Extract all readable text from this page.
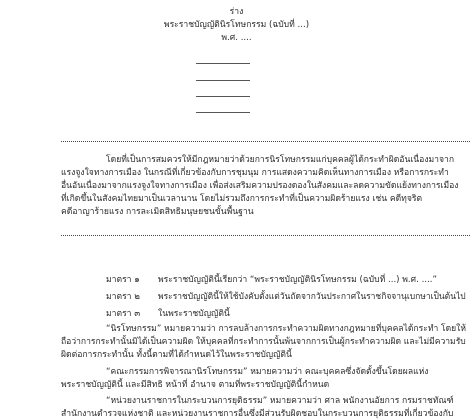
ร่าง
พระราชบัญญัตินิรโทษกรรม (ฉบับที่ ...)
พ.ศ. ....
โดยที่เป็นการสมควรให้มีกฎหมายว่าด้วยการนิรโทษกรรมแก่บุคคลผู้ได้กระทำผิดอันเนื่องมาจาก
แรงจูงใจทางการเมือง ในกรณีที่เกี่ยวข้องกับการชุมนุม การแสดงความคิดเห็นทางการเมือง หรือการกระทำ
อื่นอันเนื่องมาจากแรงจูงใจทางการเมือง เพื่อส่งเสริมความปรองดองในสังคมและลดความขัดแย้งทางการเมือง
ที่เกิดขึ้นในสังคมไทยมาเป็นเวลานาน โดยไม่รวมถึงการกระทำที่เป็นความผิดร้ายแรง เช่น คดีทุจริต
คดีอาญาร้ายแรง การละเมิดสิทธิมนุษยชนขั้นพื้นฐาน
มาตรา ๑ พระราชบัญญัตินี้เรียกว่า “พระราชบัญญัตินิรโทษกรรม (ฉบับที่ ...) พ.ศ. ....”
มาตรา ๒ พระราชบัญญัตินี้ให้ใช้บังคับตั้งแต่วันถัดจากวันประกาศในราชกิจจานุเบกษาเป็นต้นไป
มาตรา ๓ ในพระราชบัญญัตินี้
“นิรโทษกรรม” หมายความว่า การลบล้างการกระทำความผิดทางกฎหมายที่บุคคลได้กระทำ โดยให้
ถือว่าการกระทำนั้นมิได้เป็นความผิด ให้บุคคลที่กระทำการนั้นพ้นจากการเป็นผู้กระทำความผิด และไม่มีความรับ
ผิดต่อการกระทำนั้น ทั้งนี้ตามที่ได้กำหนดไว้ในพระราชบัญญัตินี้
“คณะกรรมการพิจารณานิรโทษกรรม” หมายความว่า คณะบุคคลซึ่งจัดตั้งขึ้นโดยผลแห่ง
พระราชบัญญัตินี้ และมีสิทธิ หน้าที่ อำนาจ ตามที่พระราชบัญญัตินี้กำหนด
“หน่วยงานราชการในกระบวนการยุติธรรม” หมายความว่า ศาล พนักงานอัยการ กรมราชทัณฑ์
สำนักงานตำรวจแห่งชาติ และหน่วยงานราชการอื่นซึ่งมีส่วนรับผิดชอบในกระบวนการยุติธรรมที่เกี่ยวข้องกับ
